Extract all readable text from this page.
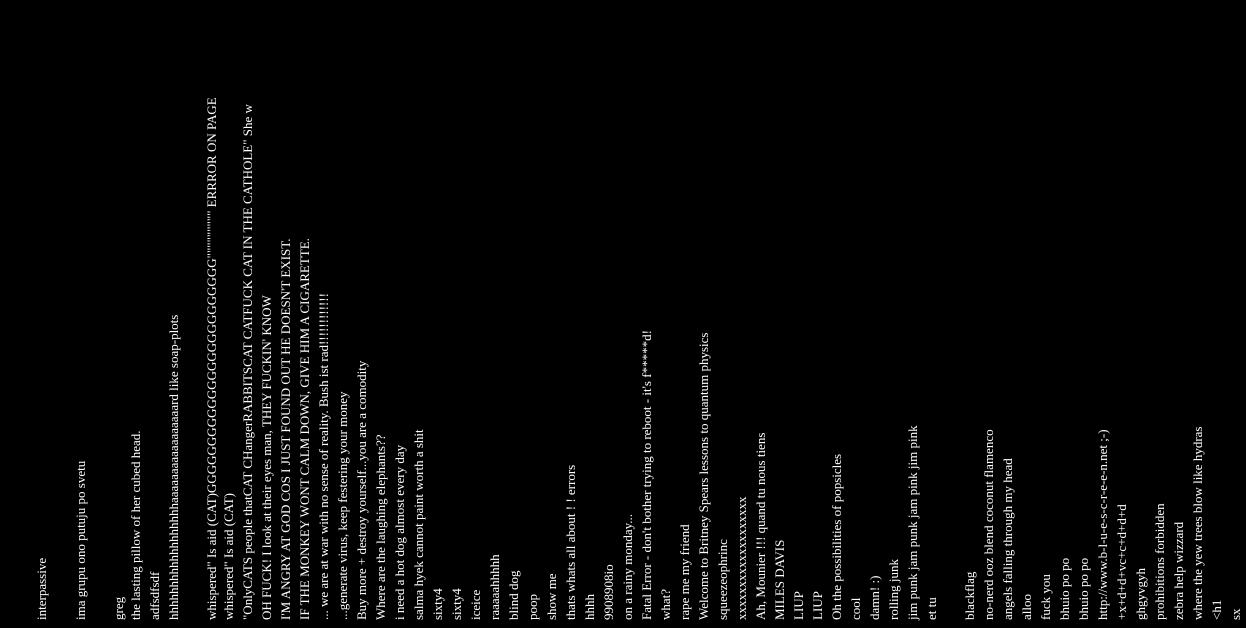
interpassive ima grupu ono putuju po svetu greg the lasting pillow of her cubed head. adfsdfsdf hhhhhhhhhhhhhhhhhhaaaaaaaaaaaaaaaaard like soap-plots whispered" Is aid (CAT)GGGGGGGGGGGGGGGGGGGGGGGGG""""""""" ERRROR ON PAGE whispered" Is aid (CAT) "OnlyCATS people thatCAT CHangerRABBITSCAT CATFUCK CAT IN THE CATHOLE" She w OH FUCK! I look at their eyes man, THEY FUCKIN' KNOW I'M ANGRY AT GOD COS I JUST FOUND OUT HE DOESN'T EXIST. IF THE MONKEY WONT CALM DOWN, GIVE HIM A CIGARETTE. ... we are at war with no sense of reality. Bush ist rad!!!!!!!!!!!! ...generate virus, keep festering your money Buy more + destroy yourself...you are a comodity Where are the laughing elephants?? i need a hot dog almost every day salma hyek cannot paint worth a shit sixty4 sixty4 iceice raaaaahhhhh blind dog poop show me thats whats all about ! ! errors hhhh 9908908io on a rainy monday... Fatal Error - don't bother trying to reboot - it's f*****d! what? rape me my friend Welcome to Britney Spears lessons to quantum physics squeezeophrinc xxxxxxxxxxxxxxxxxxx Ah, Mounier !!! quand tu nous tiens MILES DAVIS LIUP LIUP Oh the possibilities of popsicles cool damn! :) rolling junk jim punk jam punk jam pink jim pink et tu blackflag no-nerd ooz blend coconut flamenco angels falling through my head alloo fuck you bhuio po po bhuio po po http://www.b-l-u-e-s-c-r-e-e-n.net ;-) +x+d+d+vc+c+d+d+d ghgyvgyh prohibitions forbidden zebra help wizzard where the yew trees blow like hydras <h1 sx
